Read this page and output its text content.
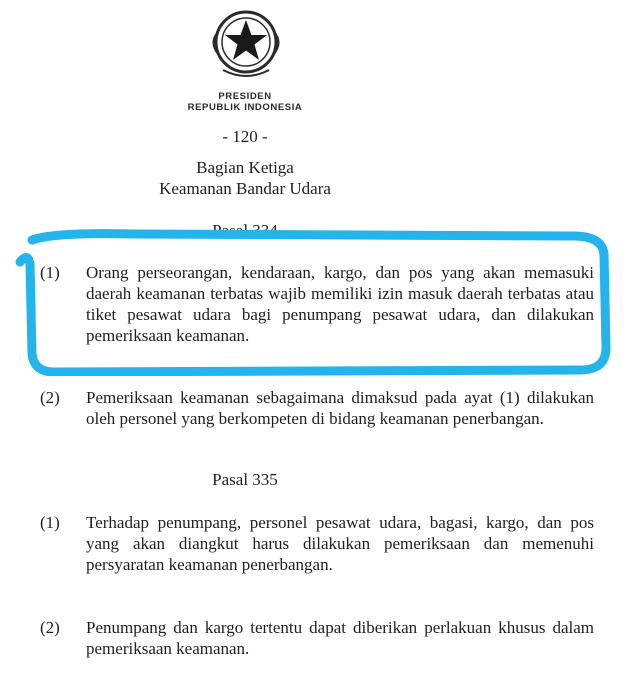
PRESIDEN
REPUBLIK INDONESIA
- 120 -
Bagian Ketiga
Keamanan Bandar Udara
Pasal 334
(1)	Orang perseorangan, kendaraan, kargo, dan pos yang akan memasuki daerah keamanan terbatas wajib memiliki izin masuk daerah terbatas atau tiket pesawat udara bagi penumpang pesawat udara, dan dilakukan pemeriksaan keamanan.
(2)	Pemeriksaan keamanan sebagaimana dimaksud pada ayat (1) dilakukan oleh personel yang berkompeten di bidang keamanan penerbangan.
Pasal 335
(1)	Terhadap penumpang, personel pesawat udara, bagasi, kargo, dan pos yang akan diangkut harus dilakukan pemeriksaan dan memenuhi persyaratan keamanan penerbangan.
(2)	Penumpang dan kargo tertentu dapat diberikan perlakuan khusus dalam pemeriksaan keamanan.
